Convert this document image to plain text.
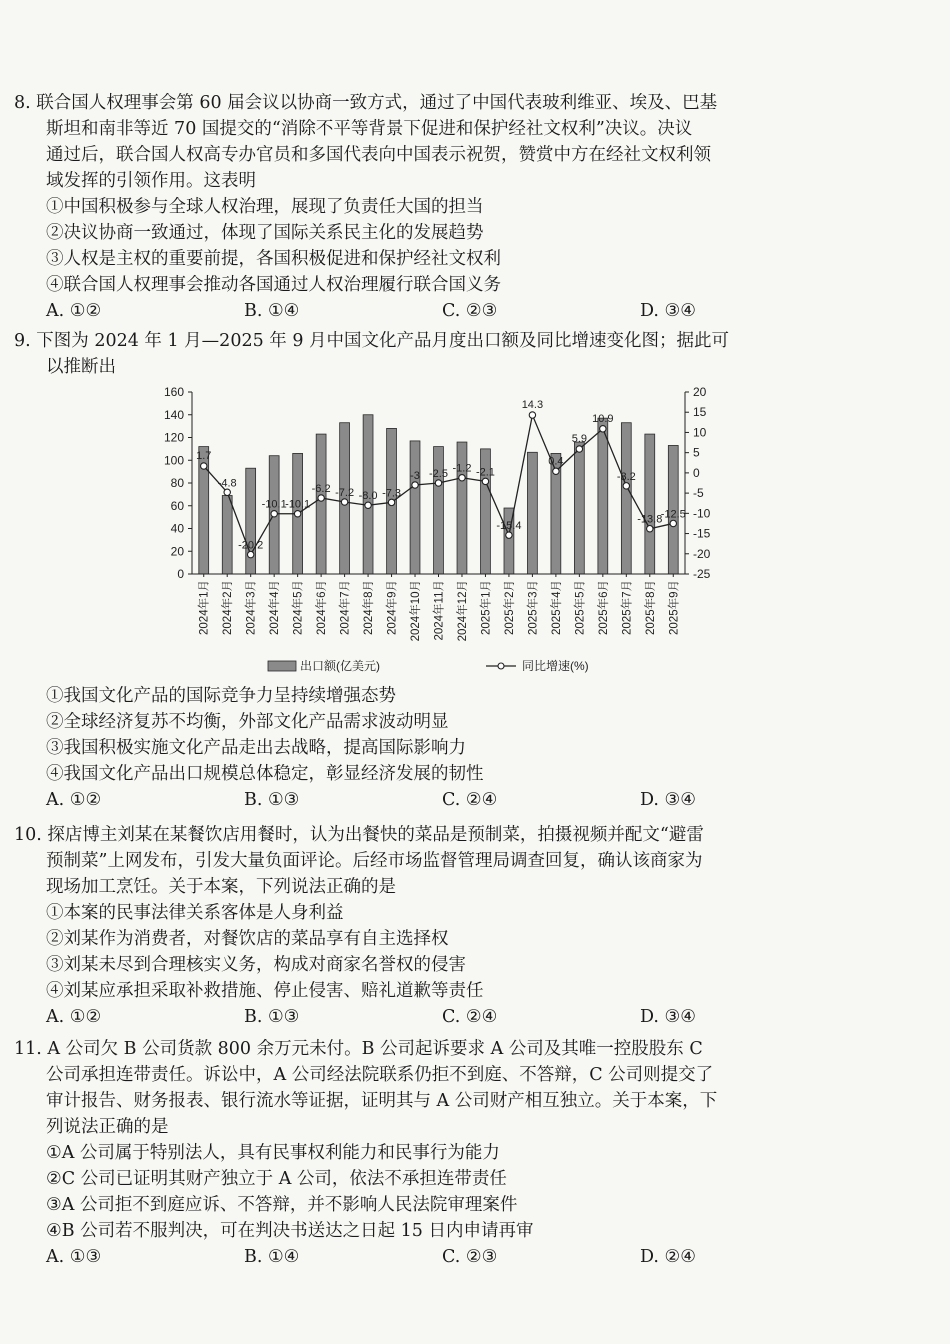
8. 联合国人权理事会第 60 届会议以协商一致方式，通过了中国代表玻利维亚、埃及、巴基
斯坦和南非等近 70 国提交的“消除不平等背景下促进和保护经社文权利”决议。决议
通过后，联合国人权高专办官员和多国代表向中国表示祝贺，赞赏中方在经社文权利领
域发挥的引领作用。这表明
①中国积极参与全球人权治理，展现了负责任大国的担当
②决议协商一致通过，体现了国际关系民主化的发展趋势
③人权是主权的重要前提，各国积极促进和保护经社文权利
④联合国人权理事会推动各国通过人权治理履行联合国义务
A. ①②	B. ①④	C. ②③	D. ③④
9. 下图为 2024 年 1 月—2025 年 9 月中国文化产品月度出口额及同比增速变化图；据此可
以推断出
0
20
40
60
80
100
120
140
160
-25
-20
-15
-10
-5
0
5
10
15
20
2024年1月 2024年2月 2024年3月 2024年4月 2024年5月 2024年6月 2024年7月 2024年8月 2024年9月 2024年10月 2024年11月 2024年12月 2025年1月 2025年2月 2025年3月 2025年4月 2025年5月 2025年6月 2025年7月 2025年8月 2025年9月
1.7
-4.8
-20.2
-10.1
-10.1
-6.2 -7.2 -8.0 -7.3
-3 -2.5 -1.2 -2.1
-15.4
14.3
0.4
5.9
10.9
-3.2
-13.8
-12.5
出口额(亿美元)	同比增速(%)
①我国文化产品的国际竞争力呈持续增强态势
②全球经济复苏不均衡，外部文化产品需求波动明显
③我国积极实施文化产品走出去战略，提高国际影响力
④我国文化产品出口规模总体稳定，彰显经济发展的韧性
A. ①②	B. ①③	C. ②④	D. ③④
10. 探店博主刘某在某餐饮店用餐时，认为出餐快的菜品是预制菜，拍摄视频并配文“避雷
预制菜”上网发布，引发大量负面评论。后经市场监督管理局调查回复，确认该商家为
现场加工烹饪。关于本案，下列说法正确的是
①本案的民事法律关系客体是人身利益
②刘某作为消费者，对餐饮店的菜品享有自主选择权
③刘某未尽到合理核实义务，构成对商家名誉权的侵害
④刘某应承担采取补救措施、停止侵害、赔礼道歉等责任
A. ①②	B. ①③	C. ②④	D. ③④
11. A 公司欠 B 公司货款 800 余万元未付。B 公司起诉要求 A 公司及其唯一控股股东 C
公司承担连带责任。诉讼中，A 公司经法院联系仍拒不到庭、不答辩，C 公司则提交了
审计报告、财务报表、银行流水等证据，证明其与 A 公司财产相互独立。关于本案，下
列说法正确的是
①A 公司属于特别法人，具有民事权利能力和民事行为能力
②C 公司已证明其财产独立于 A 公司，依法不承担连带责任
③A 公司拒不到庭应诉、不答辩，并不影响人民法院审理案件
④B 公司若不服判决，可在判决书送达之日起 15 日内申请再审
A. ①③	B. ①④	C. ②③	D. ②④
